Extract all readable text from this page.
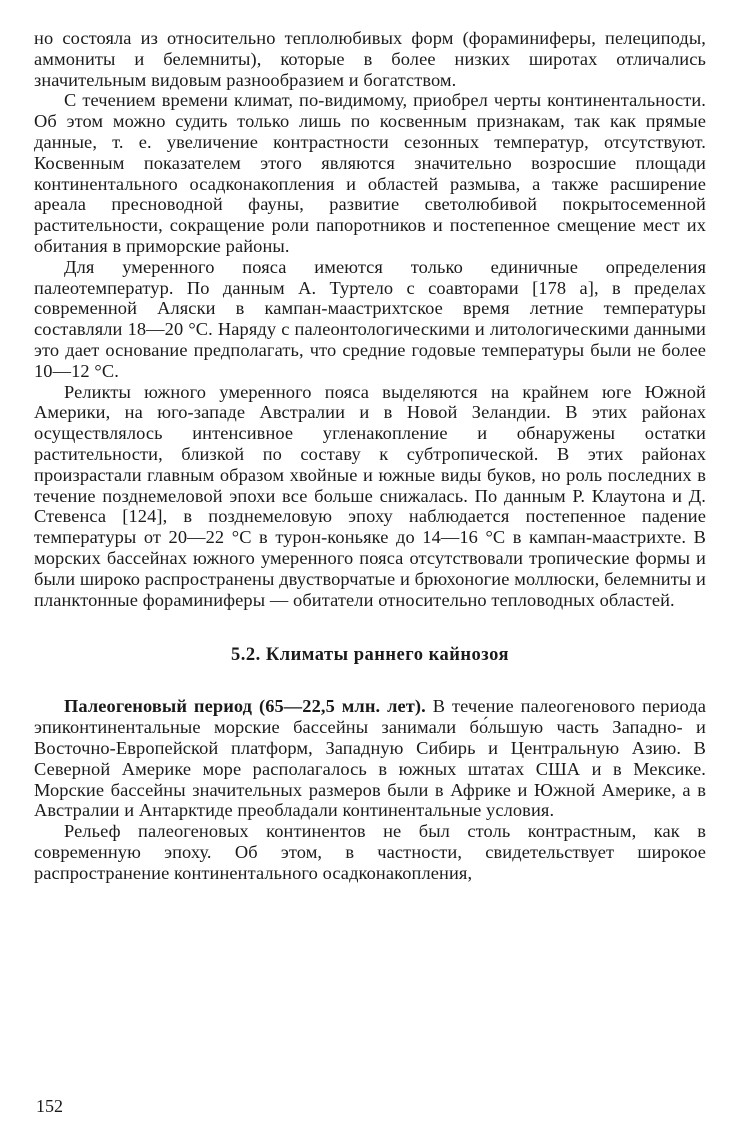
но состояла из относительно теплолюбивых форм (фораминиферы, пелециподы, аммониты и белемниты), которые в более низких широтах отличались значительным видовым разнообразием и богатством.

С течением времени климат, по-видимому, приобрел черты континентальности. Об этом можно судить только лишь по косвенным признакам, так как прямые данные, т. е. увеличение контрастности сезонных температур, отсутствуют. Косвенным показателем этого являются значительно возросшие площади континентального осадконакопления и областей размыва, а также расширение ареала пресноводной фауны, развитие светолюбивой покрытосеменной растительности, сокращение роли папоротников и постепенное смещение мест их обитания в приморские районы.

Для умеренного пояса имеются только единичные определения палеотемператур. По данным А. Туртело с соавторами [178 а], в пределах современной Аляски в кампан-маастрихтское время летние температуры составляли 18—20 °С. Наряду с палеонтологическими и литологическими данными это дает основание предполагать, что средние годовые температуры были не более 10—12 °С.

Реликты южного умеренного пояса выделяются на крайнем юге Южной Америки, на юго-западе Австралии и в Новой Зеландии. В этих районах осуществлялось интенсивное угленакопление и обнаружены остатки растительности, близкой по составу к субтропической. В этих районах произрастали главным образом хвойные и южные виды буков, но роль последних в течение позднемеловой эпохи все больше снижалась. По данным Р. Клаутона и Д. Стевенса [124], в позднемеловую эпоху наблюдается постепенное падение температуры от 20—22 °С в турон-коньяке до 14—16 °С в кампан-маастрихте. В морских бассейнах южного умеренного пояса отсутствовали тропические формы и были широко распространены двустворчатые и брюхоногие моллюски, белемниты и планктонные фораминиферы — обитатели относительно тепловодных областей.

5.2. Климаты раннего кайнозоя

Палеогеновый период (65—22,5 млн. лет). В течение палеогенового периода эпиконтинентальные морские бассейны занимали бо́льшую часть Западно- и Восточно-Европейской платформ, Западную Сибирь и Центральную Азию. В Северной Америке море располагалось в южных штатах США и в Мексике. Морские бассейны значительных размеров были в Африке и Южной Америке, а в Австралии и Антарктиде преобладали континентальные условия.

Рельеф палеогеновых континентов не был столь контрастным, как в современную эпоху. Об этом, в частности, свидетельствует широкое распространение континентального осадконакопления,

152
